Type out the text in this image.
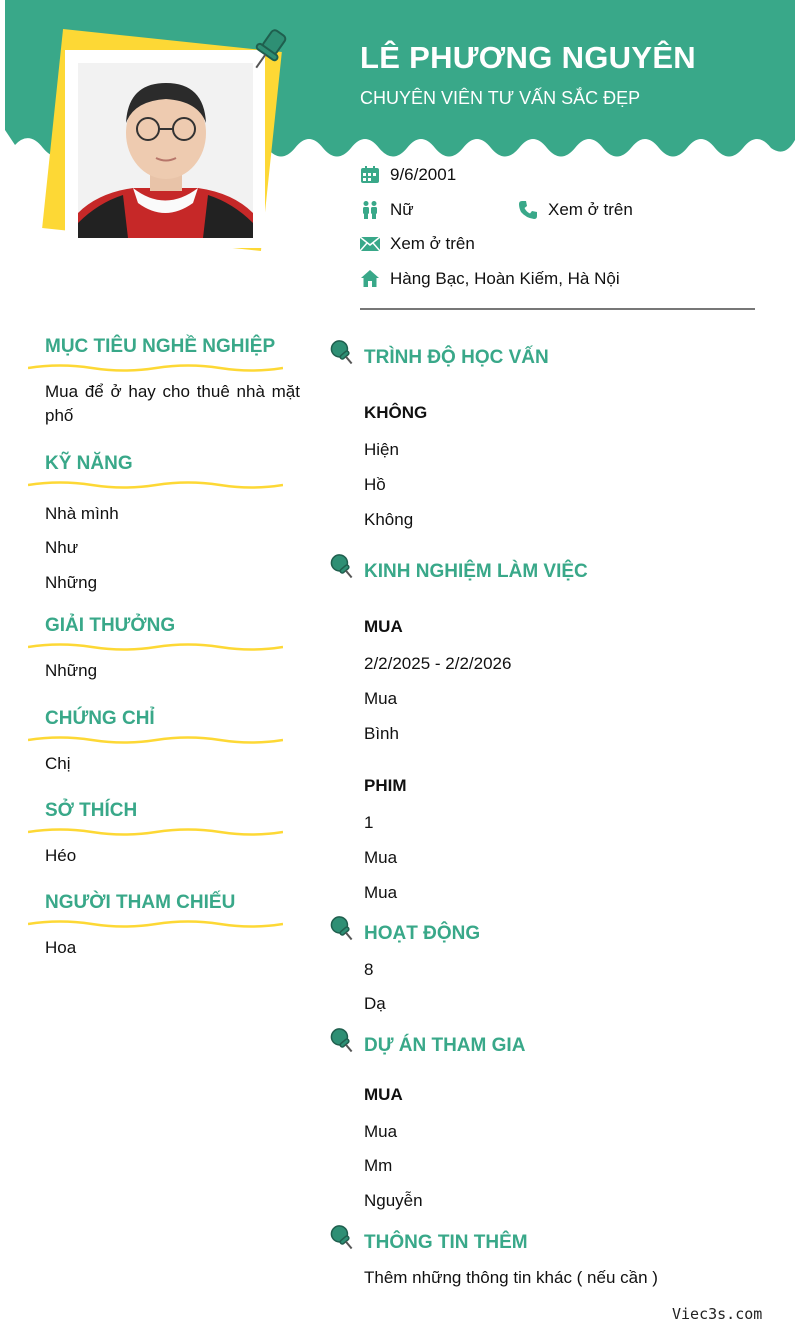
LÊ PHƯƠNG NGUYÊN
CHUYÊN VIÊN TƯ VẤN SẮC ĐẸP
9/6/2001
Nữ	Xem ở trên
Xem ở trên
Hàng Bạc, Hoàn Kiếm, Hà Nội
MỤC TIÊU NGHỀ NGHIỆP
Mua để ở hay cho thuê nhà mặt
phố
KỸ NĂNG
Nhà mình
Như
Những
GIẢI THƯỞNG
Những
CHỨNG CHỈ
Chị
SỞ THÍCH
Héo
NGƯỜI THAM CHIẾU
Hoa
TRÌNH ĐỘ HỌC VẤN
KHÔNG
Hiện
Hồ
Không
KINH NGHIỆM LÀM VIỆC
MUA
2/2/2025 - 2/2/2026
Mua
Bình
PHIM
1
Mua
Mua
HOẠT ĐỘNG
8
Dạ
DỰ ÁN THAM GIA
MUA
Mua
Mm
Nguyễn
THÔNG TIN THÊM
Thêm những thông tin khác ( nếu cần )
Viec3s.com
